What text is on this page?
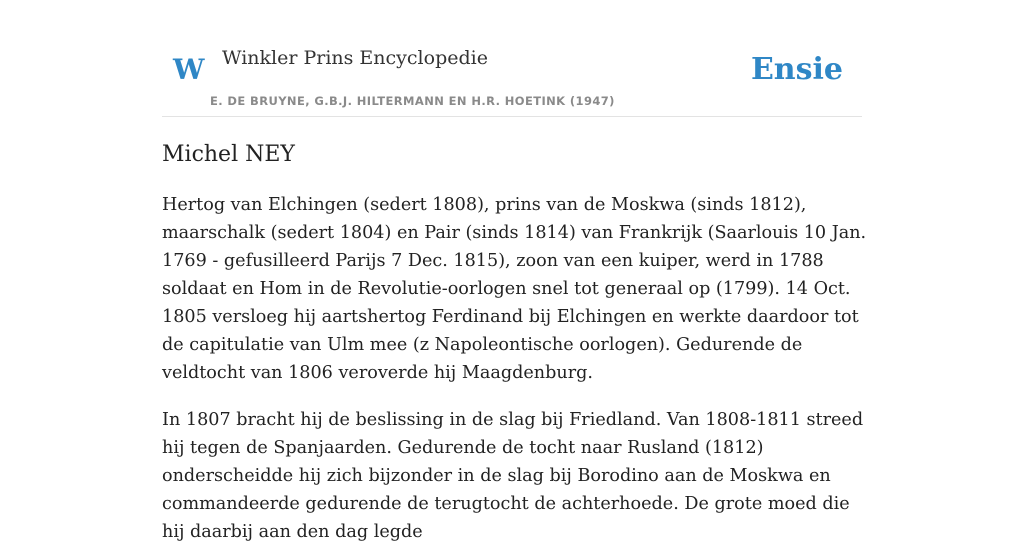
W Winkler Prins Encyclopedie
E. DE BRUYNE, G.B.J. HILTERMANN EN H.R. HOETINK (1947)
Ensie
Michel NEY

Hertog van Elchingen (sedert 1808), prins van de Moskwa (sinds 1812), maarschalk (sedert 1804) en Pair (sinds 1814) van Frankrijk (Saarlouis 10 Jan. 1769 - gefusilleerd Parijs 7 Dec. 1815), zoon van een kuiper, werd in 1788 soldaat en Hom in de Revolutie-oorlogen snel tot generaal op (1799). 14 Oct. 1805 versloeg hij aartshertog Ferdinand bij Elchingen en werkte daardoor tot de capitulatie van Ulm mee (z Napoleontische oorlogen). Gedurende de veldtocht van 1806 veroverde hij Maagdenburg.

In 1807 bracht hij de beslissing in de slag bij Friedland. Van 1808-1811 streed hij tegen de Spanjaarden. Gedurende de tocht naar Rusland (1812) onderscheidde hij zich bijzonder in de slag bij Borodino aan de Moskwa en commandeerde gedurende de terugtocht de achterhoede. De grote moed die hij daarbij aan den dag legde
